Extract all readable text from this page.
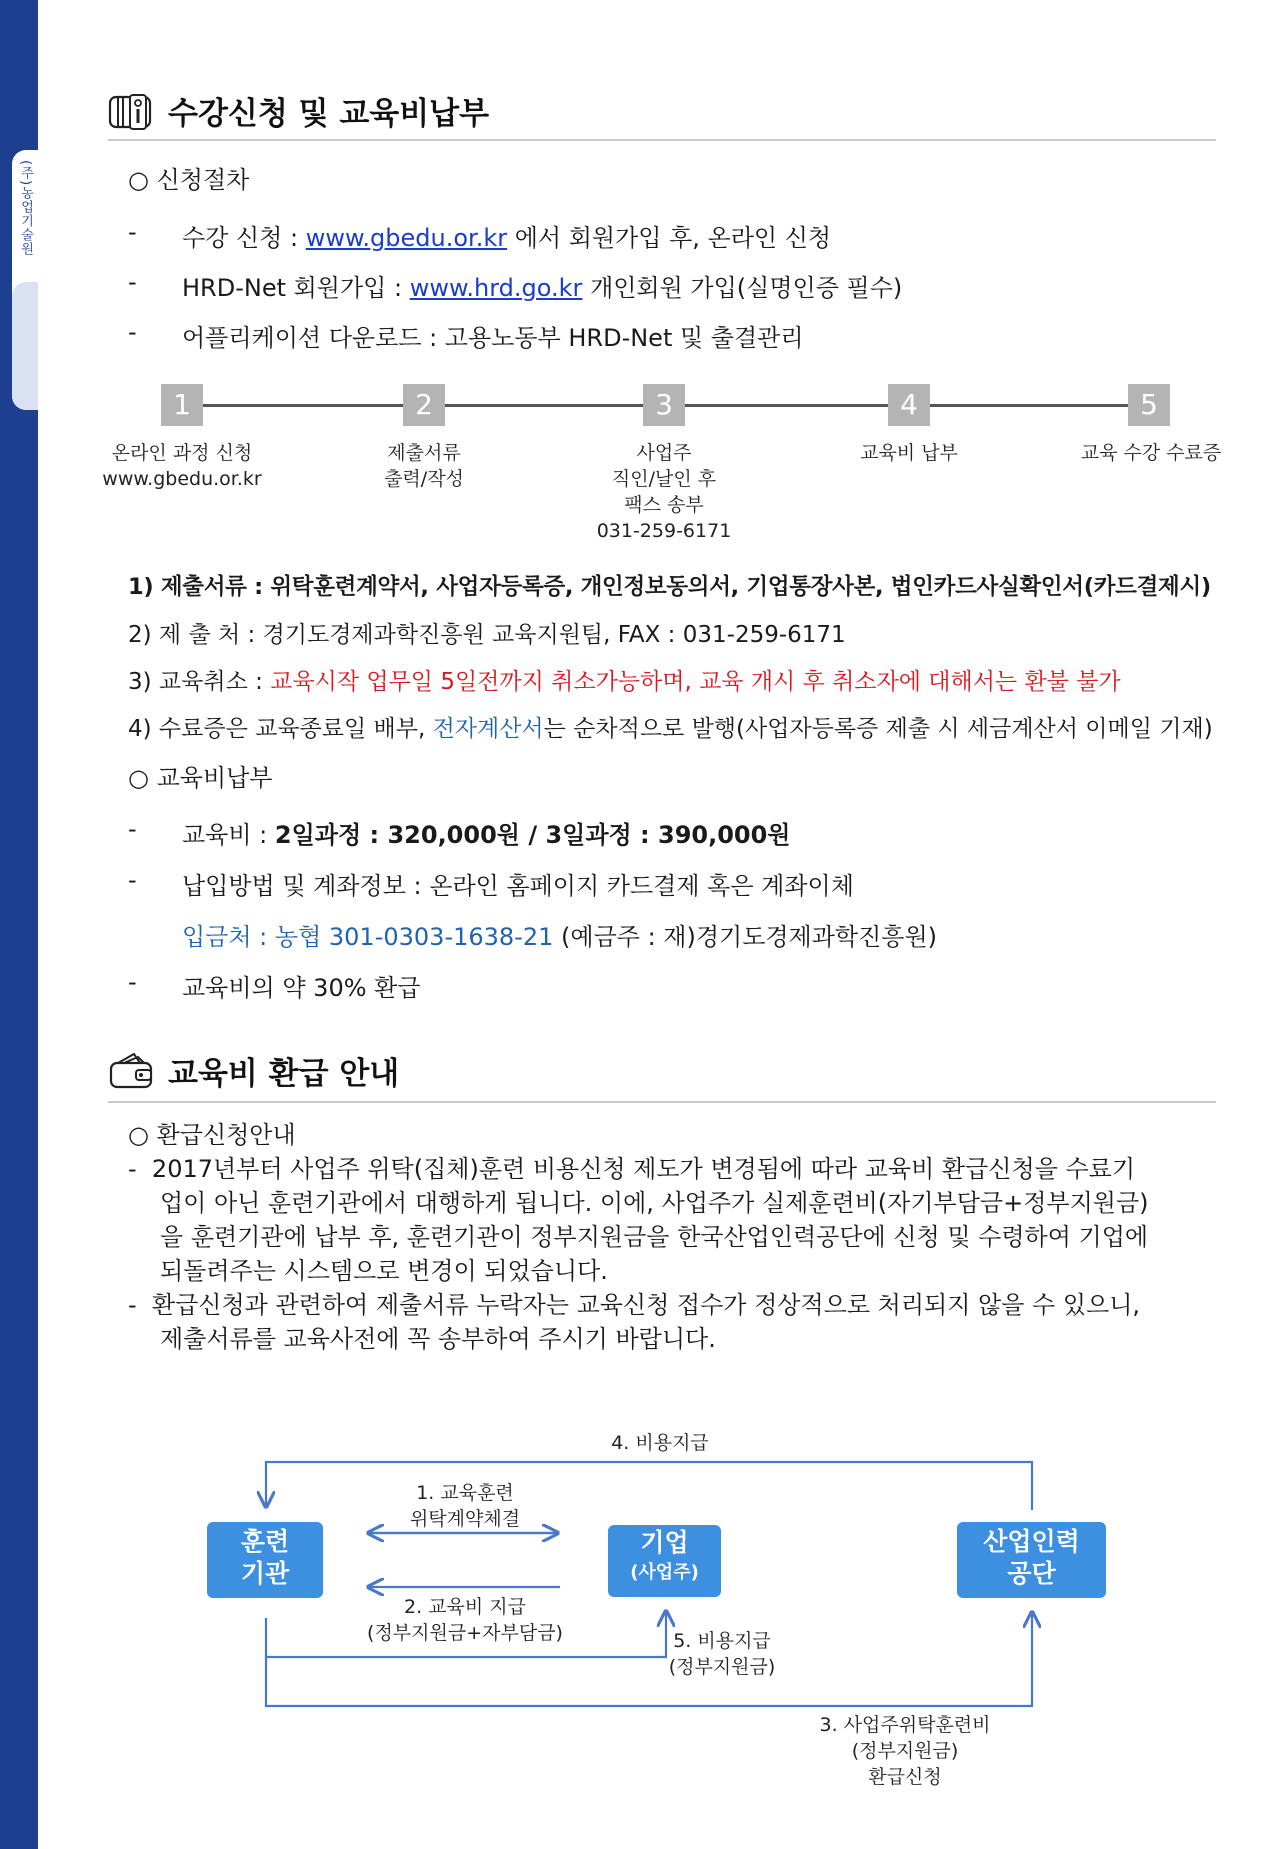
(주)농업기술원
수강신청 및 교육비납부
○ 신청절차
- 수강 신청 : www.gbedu.or.kr 에서 회원가입 후, 온라인 신청
- HRD-Net 회원가입 : www.hrd.go.kr 개인회원 가입(실명인증 필수)
- 어플리케이션 다운로드 : 고용노동부 HRD-Net 및 출결관리
1	2	3	4	5
온라인 과정 신청
www.gbedu.or.kr
제출서류
출력/작성
사업주
직인/날인 후
팩스 송부
031-259-6171
교육비 납부	교육 수강 수료증
1) 제출서류 : 위탁훈련계약서, 사업자등록증, 개인정보동의서, 기업통장사본, 법인카드사실확인서(카드결제시)
2) 제 출 처 : 경기도경제과학진흥원 교육지원팀, FAX : 031-259-6171
3) 교육취소 : 교육시작 업무일 5일전까지 취소가능하며, 교육 개시 후 취소자에 대해서는 환불 불가
4) 수료증은 교육종료일 배부, 전자계산서는 순차적으로 발행(사업자등록증 제출 시 세금계산서 이메일 기재)
○ 교육비납부
- 교육비 : 2일과정 : 320,000원 / 3일과정 : 390,000원
- 납입방법 및 계좌정보 : 온라인 홈페이지 카드결제 혹은 계좌이체
입금처 : 농협 301-0303-1638-21 (예금주 : 재)경기도경제과학진흥원)
- 교육비의 약 30% 환급
교육비 환급 안내
○ 환급신청안내

-  2017년부터 사업주 위탁(집체)훈련 비용신청 제도가 변경됨에 따라 교육비 환급신청을 수료기

업이 아닌 훈련기관에서 대행하게 됩니다. 이에, 사업주가 실제훈련비(자기부담금+정부지원금)

을 훈련기관에 납부 후, 훈련기관이 정부지원금을 한국산업인력공단에 신청 및 수령하여 기업에

되돌려주는 시스템으로 변경이 되었습니다.

-  환급신청과 관련하여 제출서류 누락자는 교육신청 접수가 정상적으로 처리되지 않을 수 있으니,

제출서류를 교육사전에 꼭 송부하여 주시기 바랍니다.

훈련
기관
기업
(사업주)
산업인력
공단
4. 비용지급
1. 교육훈련
위탁계약체결
2. 교육비 지급
(정부지원금+자부담금)	5. 비용지급
(정부지원금)
3. 사업주위탁훈련비
(정부지원금)
환급신청
